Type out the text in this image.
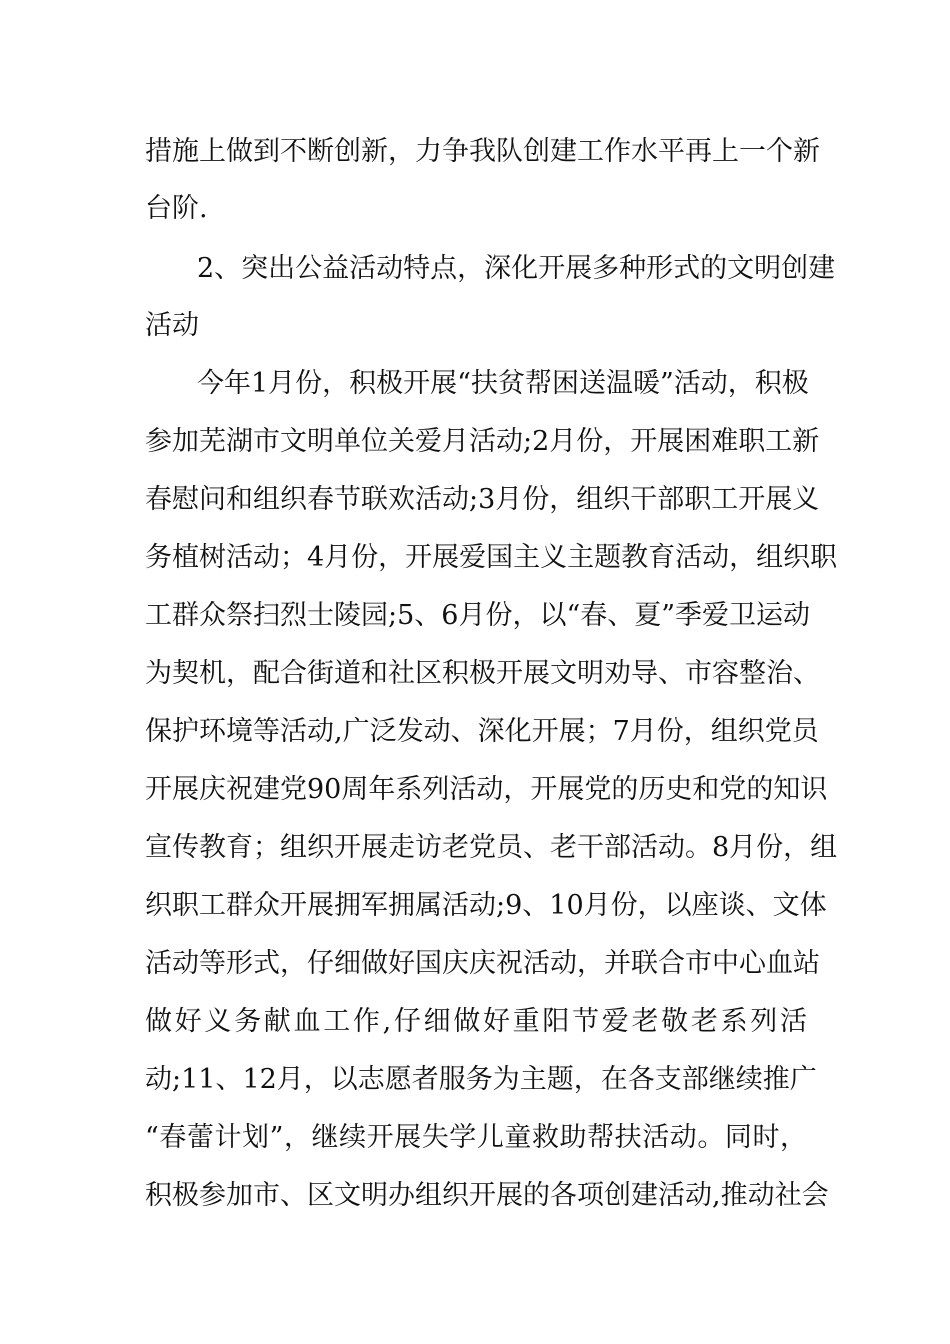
措施上做到不断创新，力争我队创建工作水平再上一个新
台阶.
2、突出公益活动特点，深化开展多种形式的文明创建
活动
今年1月份，积极开展“扶贫帮困送温暖”活动，积极
参加芜湖市文明单位关爱月活动;2月份，开展困难职工新
春慰问和组织春节联欢活动;3月份，组织干部职工开展义
务植树活动；4月份，开展爱国主义主题教育活动，组织职
工群众祭扫烈士陵园;5、6月份，以“春、夏”季爱卫运动
为契机，配合街道和社区积极开展文明劝导、市容整治、
保护环境等活动,广泛发动、深化开展；7月份，组织党员
开展庆祝建党90周年系列活动，开展党的历史和党的知识
宣传教育；组织开展走访老党员、老干部活动。8月份，组
织职工群众开展拥军拥属活动;9、10月份，以座谈、文体
活动等形式，仔细做好国庆庆祝活动，并联合市中心血站
做好义务献血工作,仔细做好重阳节爱老敬老系列活
动;11、12月，以志愿者服务为主题，在各支部继续推广
“春蕾计划”，继续开展失学儿童救助帮扶活动。同时，
积极参加市、区文明办组织开展的各项创建活动,推动社会
